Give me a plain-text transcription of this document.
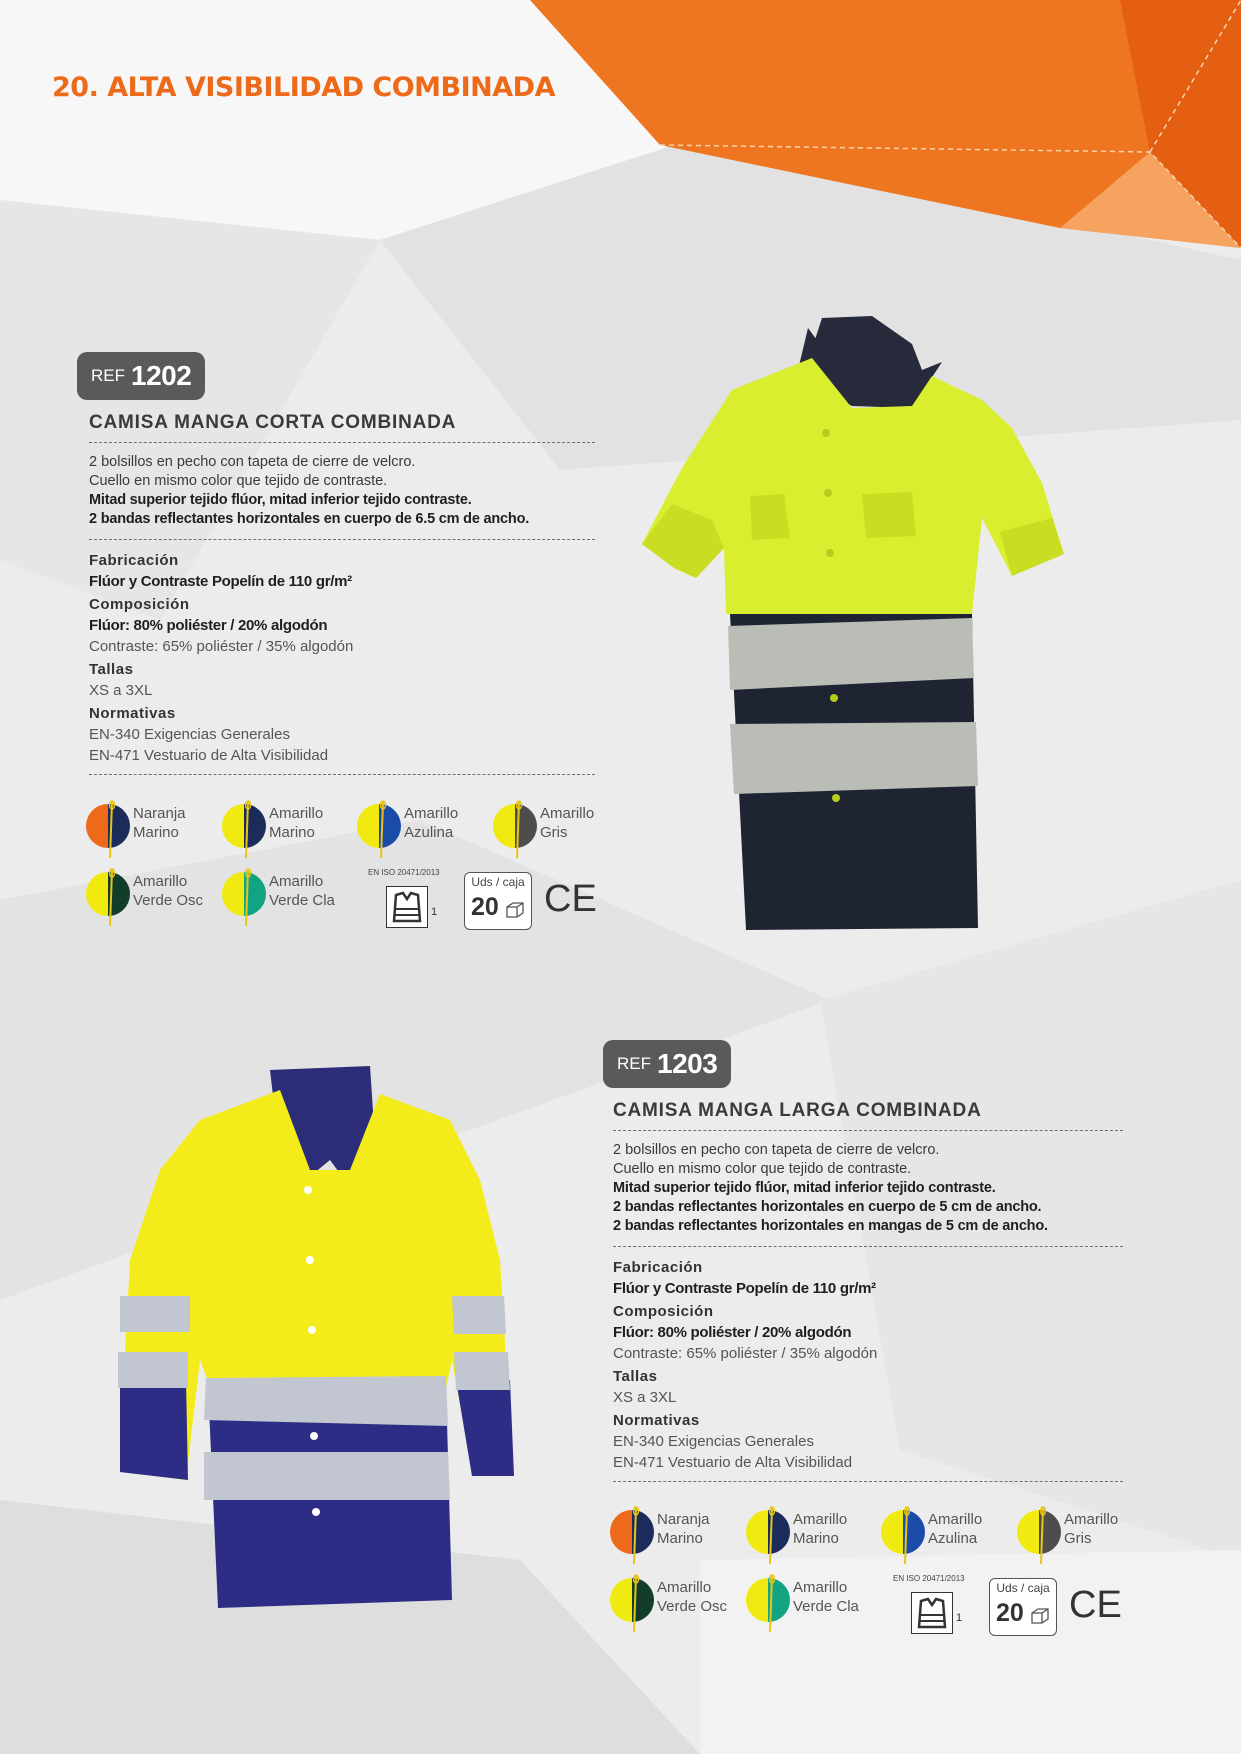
20. ALTA VISIBILIDAD COMBINADA
REF 1202
CAMISA MANGA CORTA COMBINADA

2 bolsillos en pecho con tapeta de cierre de velcro.

Cuello en mismo color que tejido de contraste.

Mitad superior tejido flúor, mitad inferior tejido contraste.

2 bandas reflectantes horizontales en cuerpo de 6.5 cm de ancho.

Fabricación
Flúor y Contraste Popelín de 110 gr/m²
Composición
Flúor: 80% poliéster / 20% algodón
Contraste: 65% poliéster / 35% algodón
Tallas
XS a 3XL
Normativas
EN-340 Exigencias Generales
EN-471 Vestuario de Alta Visibilidad
Naranja
Marino
Amarillo
Marino
Amarillo
Azulina
Amarillo
Gris
Amarillo
Verde Osc
Amarillo
Verde Cla
EN ISO 20471/2013
1
Uds / caja
20 CE
REF 1203
CAMISA MANGA LARGA COMBINADA

2 bolsillos en pecho con tapeta de cierre de velcro.

Cuello en mismo color que tejido de contraste.

Mitad superior tejido flúor, mitad inferior tejido contraste.

2 bandas reflectantes horizontales en cuerpo de 5 cm de ancho.

2 bandas reflectantes horizontales en mangas de 5 cm de ancho.

Fabricación
Flúor y Contraste Popelín de 110 gr/m²
Composición
Flúor: 80% poliéster / 20% algodón
Contraste: 65% poliéster / 35% algodón
Tallas
XS a 3XL
Normativas
EN-340 Exigencias Generales
EN-471 Vestuario de Alta Visibilidad
Naranja
Marino
Amarillo
Marino
Amarillo
Azulina
Amarillo
Gris
Amarillo
Verde Osc
Amarillo
Verde Cla
EN ISO 20471/2013
1
Uds / caja
20 CE
